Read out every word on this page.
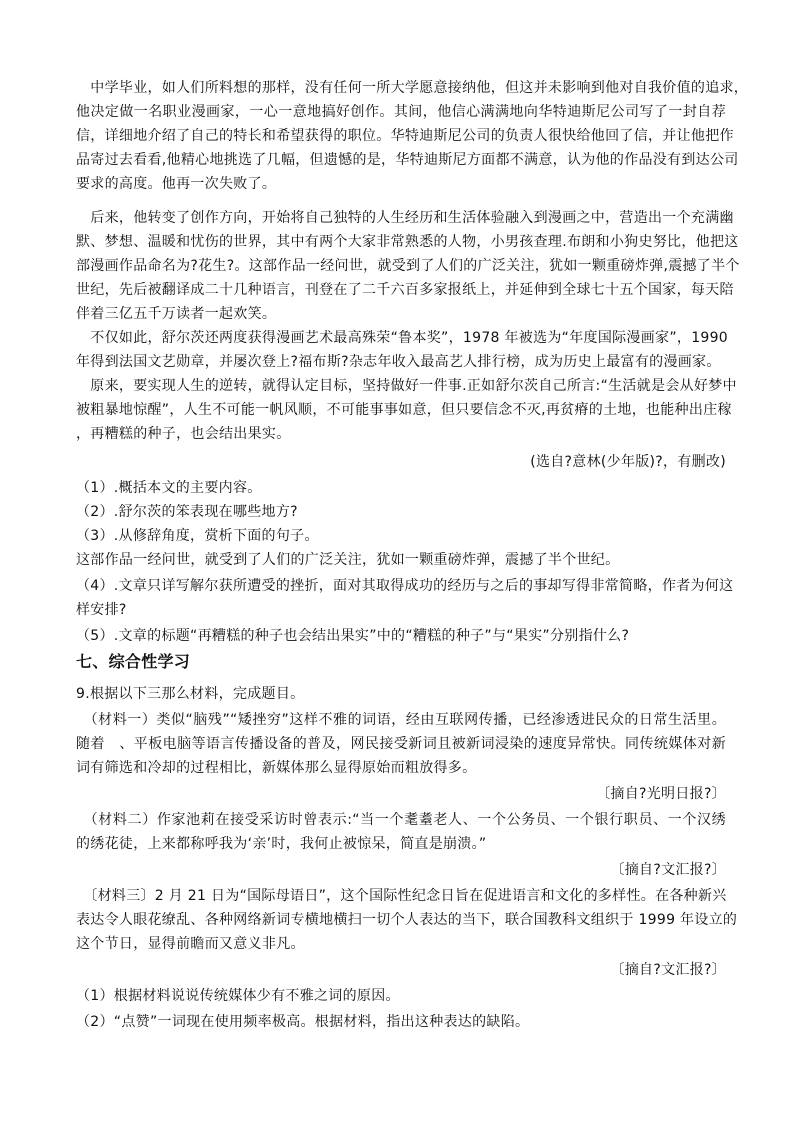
　中学毕业，如人们所料想的那样，没有任何一所大学愿意接纳他，但这并未影响到他对自我价值的追求，
他决定做一名职业漫画家，一心一意地搞好创作。其间，他信心满满地向华特迪斯尼公司写了一封自荐
信，详细地介绍了自己的特长和希望获得的职位。华特迪斯尼公司的负责人很快给他回了信，并让他把作
品寄过去看看,他精心地挑选了几幅，但遗憾的是，华特迪斯尼方面都不满意，认为他的作品没有到达公司
要求的高度。他再一次失败了。
　后来，他转变了创作方向，开始将自己独特的人生经历和生活体验融入到漫画之中，营造出一个充满幽
默、梦想、温暖和忧伤的世界，其中有两个大家非常熟悉的人物，小男孩查理.布朗和小狗史努比，他把这
部漫画作品命名为?花生?。这部作品一经问世，就受到了人们的广泛关注，犹如一颗重磅炸弹,震撼了半个
世纪，先后被翻译成二十几种语言，刊登在了二千六百多家报纸上，并延伸到全球七十五个国家，每天陪
伴着三亿五千万读者一起欢笑。
　不仅如此，舒尔茨还两度获得漫画艺术最高殊荣“鲁本奖”，1978 年被选为“年度国际漫画家”，1990
年得到法国文艺勋章，并屡次登上?福布斯?杂志年收入最高艺人排行榜，成为历史上最富有的漫画家。
　原来，要实现人生的逆转，就得认定目标，坚持做好一件事.正如舒尔茨自己所言:“生活就是会从好梦中
被粗暴地惊醒”，人生不可能一帆风顺，不可能事事如意，但只要信念不灭,再贫瘠的土地，也能种出庄稼
，再糟糕的种子，也会结出果实。
(选自?意林(少年版)?，有删改)
（1）.概括本文的主要内容。
（2）.舒尔茨的笨表现在哪些地方?
（3）.从修辞角度，赏析下面的句子。
这部作品一经问世，就受到了人们的广泛关注，犹如一颗重磅炸弹，震撼了半个世纪。
（4）.文章只详写解尔获所遭受的挫折，面对其取得成功的经历与之后的事却写得非常简略，作者为何这
样安排?
（5）.文章的标题“再糟糕的种子也会结出果实”中的“糟糕的种子”与“果实”分别指什么?
七、综合性学习
9.根据以下三那么材料，完成题目。
　（材料一）类似“脑残”“矮挫穷”这样不雅的词语，经由互联网传播，已经渗透进民众的日常生活里。
随着　、平板电脑等语言传播设备的普及，网民接受新词且被新词浸染的速度异常快。同传统媒体对新
词有筛选和冷却的过程相比，新媒体那么显得原始而粗放得多。
〔摘自?光明日报?〕
　（材料二）作家池莉在接受采访时曾表示:“当一个耄耋老人、一个公务员、一个银行职员、一个汉绣
的绣花徒，上来都称呼我为‘亲’时，我何止被惊呆，简直是崩溃。”
〔摘自?文汇报?〕
　〔材料三〕2 月 21 日为“国际母语日”，这个国际性纪念日旨在促进语言和文化的多样性。在各种新兴
表达令人眼花缭乱、各种网络新词专横地横扫一切个人表达的当下，联合国教科文组织于 1999 年设立的
这个节日，显得前瞻而又意义非凡。
〔摘自?文汇报?〕
（1）根据材料说说传统媒体少有不雅之词的原因。
（2）“点赞”一词现在使用频率极高。根据材料，指出这种表达的缺陷。
